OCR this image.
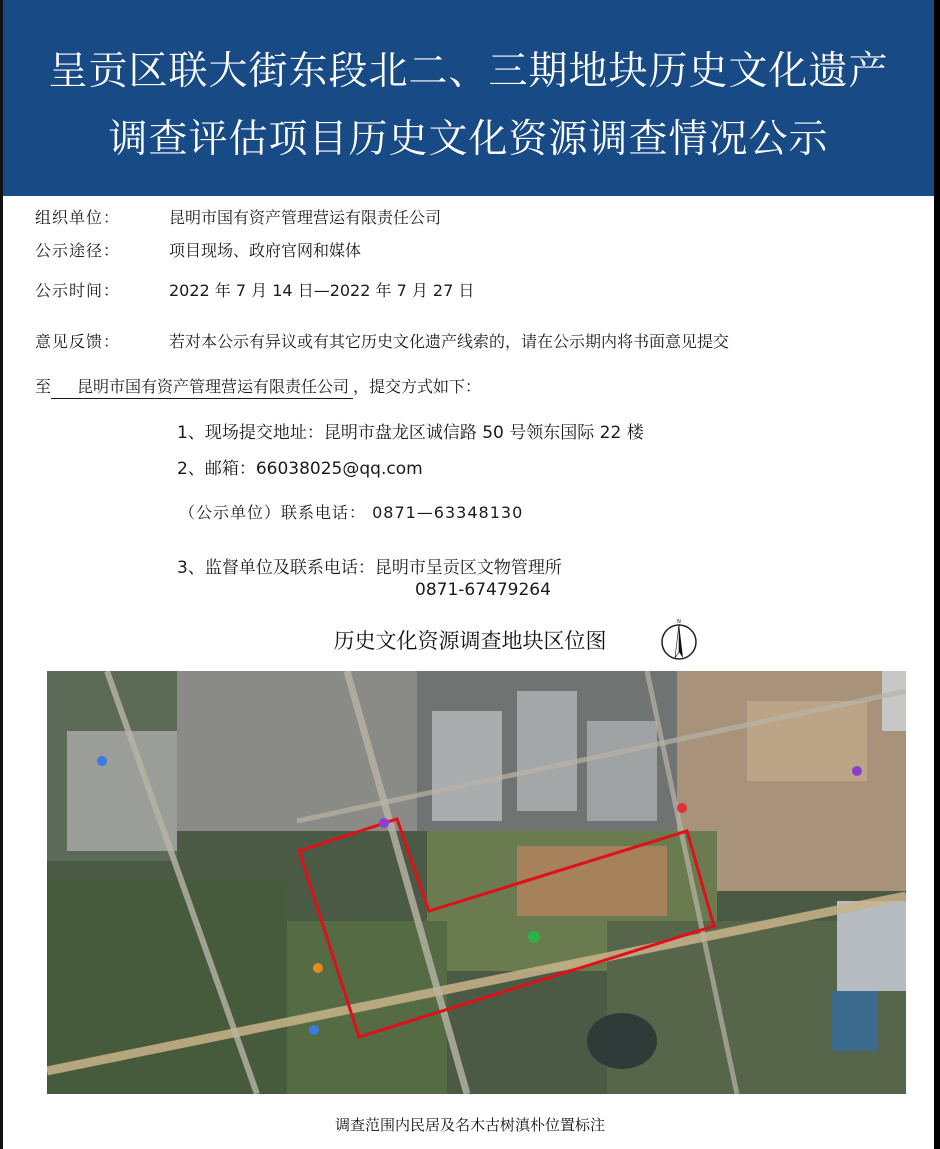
呈贡区联大街东段北二、三期地块历史文化遗产
调查评估项目历史文化资源调查情况公示
组织单位：	昆明市国有资产管理营运有限责任公司
公示途径：	项目现场、政府官网和媒体
公示时间：	2022 年 7 月 14 日—2022 年 7 月 27 日
意见反馈：	若对本公示有异议或有其它历史文化遗产线索的，请在公示期内将书面意见提交
至 昆明市国有资产管理营运有限责任公司 ，提交方式如下：
1、现场提交地址：昆明市盘龙区诚信路 50 号领东国际 22 楼
2、邮箱：66038025@qq.com
（公示单位）联系电话： 0871—63348130
3、监督单位及联系电话：昆明市呈贡区文物管理所
0871-67479264
历史文化资源调查地块区位图
N
调查范围内民居及名木古树滇朴位置标注
